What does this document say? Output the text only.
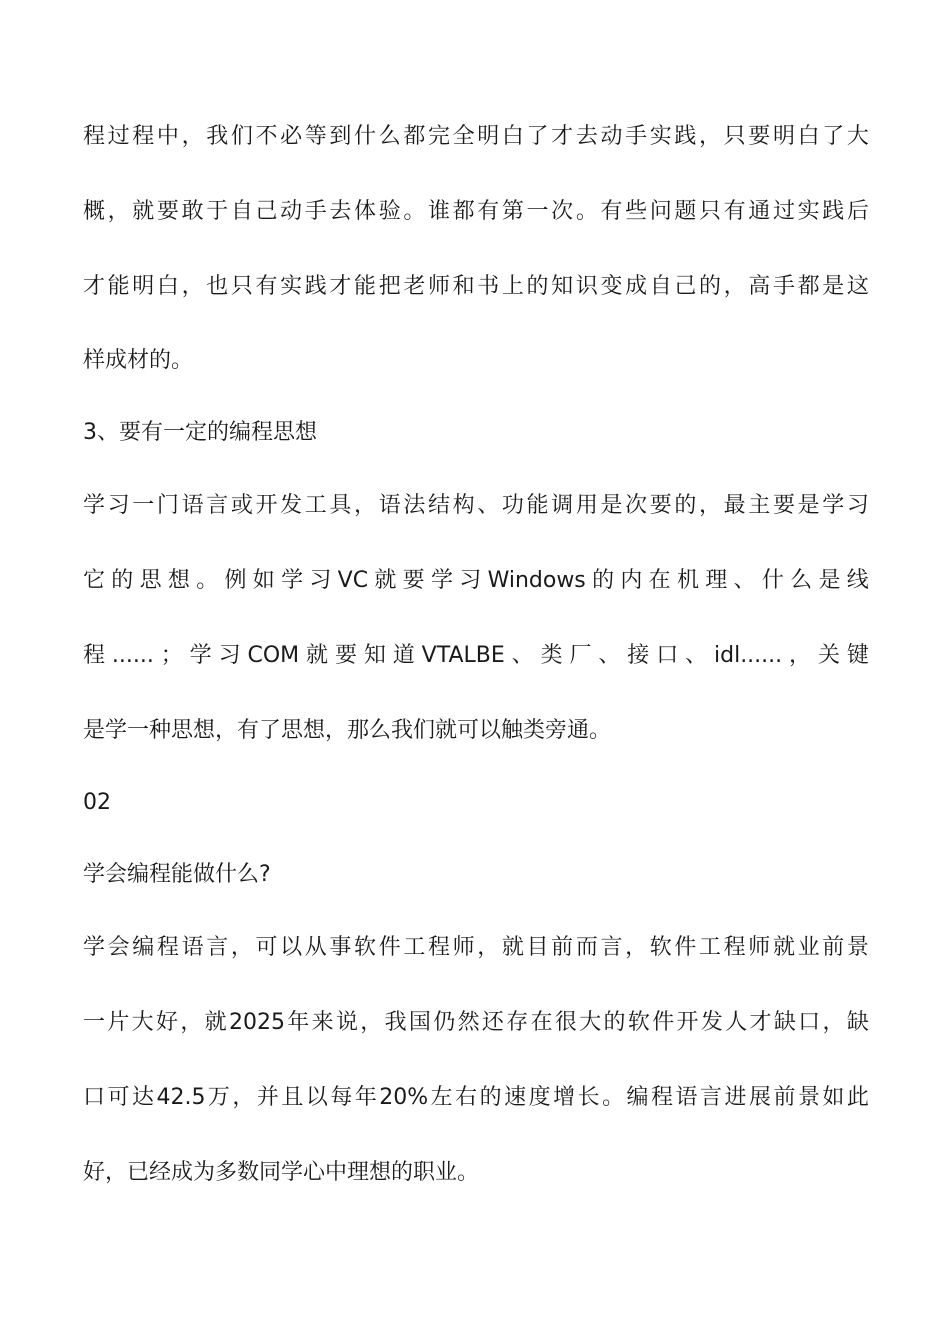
程 过 程 中 ， 我 们 不 必 等 到 什 么 都 完 全 明 白 了 才 去 动 手 实 践 ， 只 要 明 白 了 大
概 ， 就 要 敢 于 自 己 动 手 去 体 验 。 谁 都 有 第 一 次 。 有 些 问 题 只 有 通 过 实 践 后
才 能 明 白 ， 也 只 有 实 践 才 能 把 老 师 和 书 上 的 知 识 变 成 自 己 的 ， 高 手 都 是 这
样成材的。
3、要有一定的编程思想
学 习 一 门 语 言 或 开 发 工 具 ， 语 法 结 构 、 功 能 调 用 是 次 要 的 ， 最 主 要 是 学 习
它 的 思 想 。 例 如 学 习 VC 就 要 学 习 Windows 的 内 在 机 理 、 什 么 是 线
程 ...... ； 学 习 COM 就 要 知 道 VTALBE 、 类 厂 、 接 口 、 idl...... ， 关 键
是学一种思想，有了思想，那么我们就可以触类旁通。
02
学会编程能做什么?
学 会 编 程 语 言 ， 可 以 从 事 软 件 工 程 师 ， 就 目 前 而 言 ， 软 件 工 程 师 就 业 前 景
一 片 大 好 ， 就 2025 年 来 说 ， 我 国 仍 然 还 存 在 很 大 的 软 件 开 发 人 才 缺 口 ， 缺
口 可 达 42.5 万 ， 并 且 以 每 年 20% 左 右 的 速 度 增 长 。 编 程 语 言 进 展 前 景 如 此
好，已经成为多数同学心中理想的职业。
